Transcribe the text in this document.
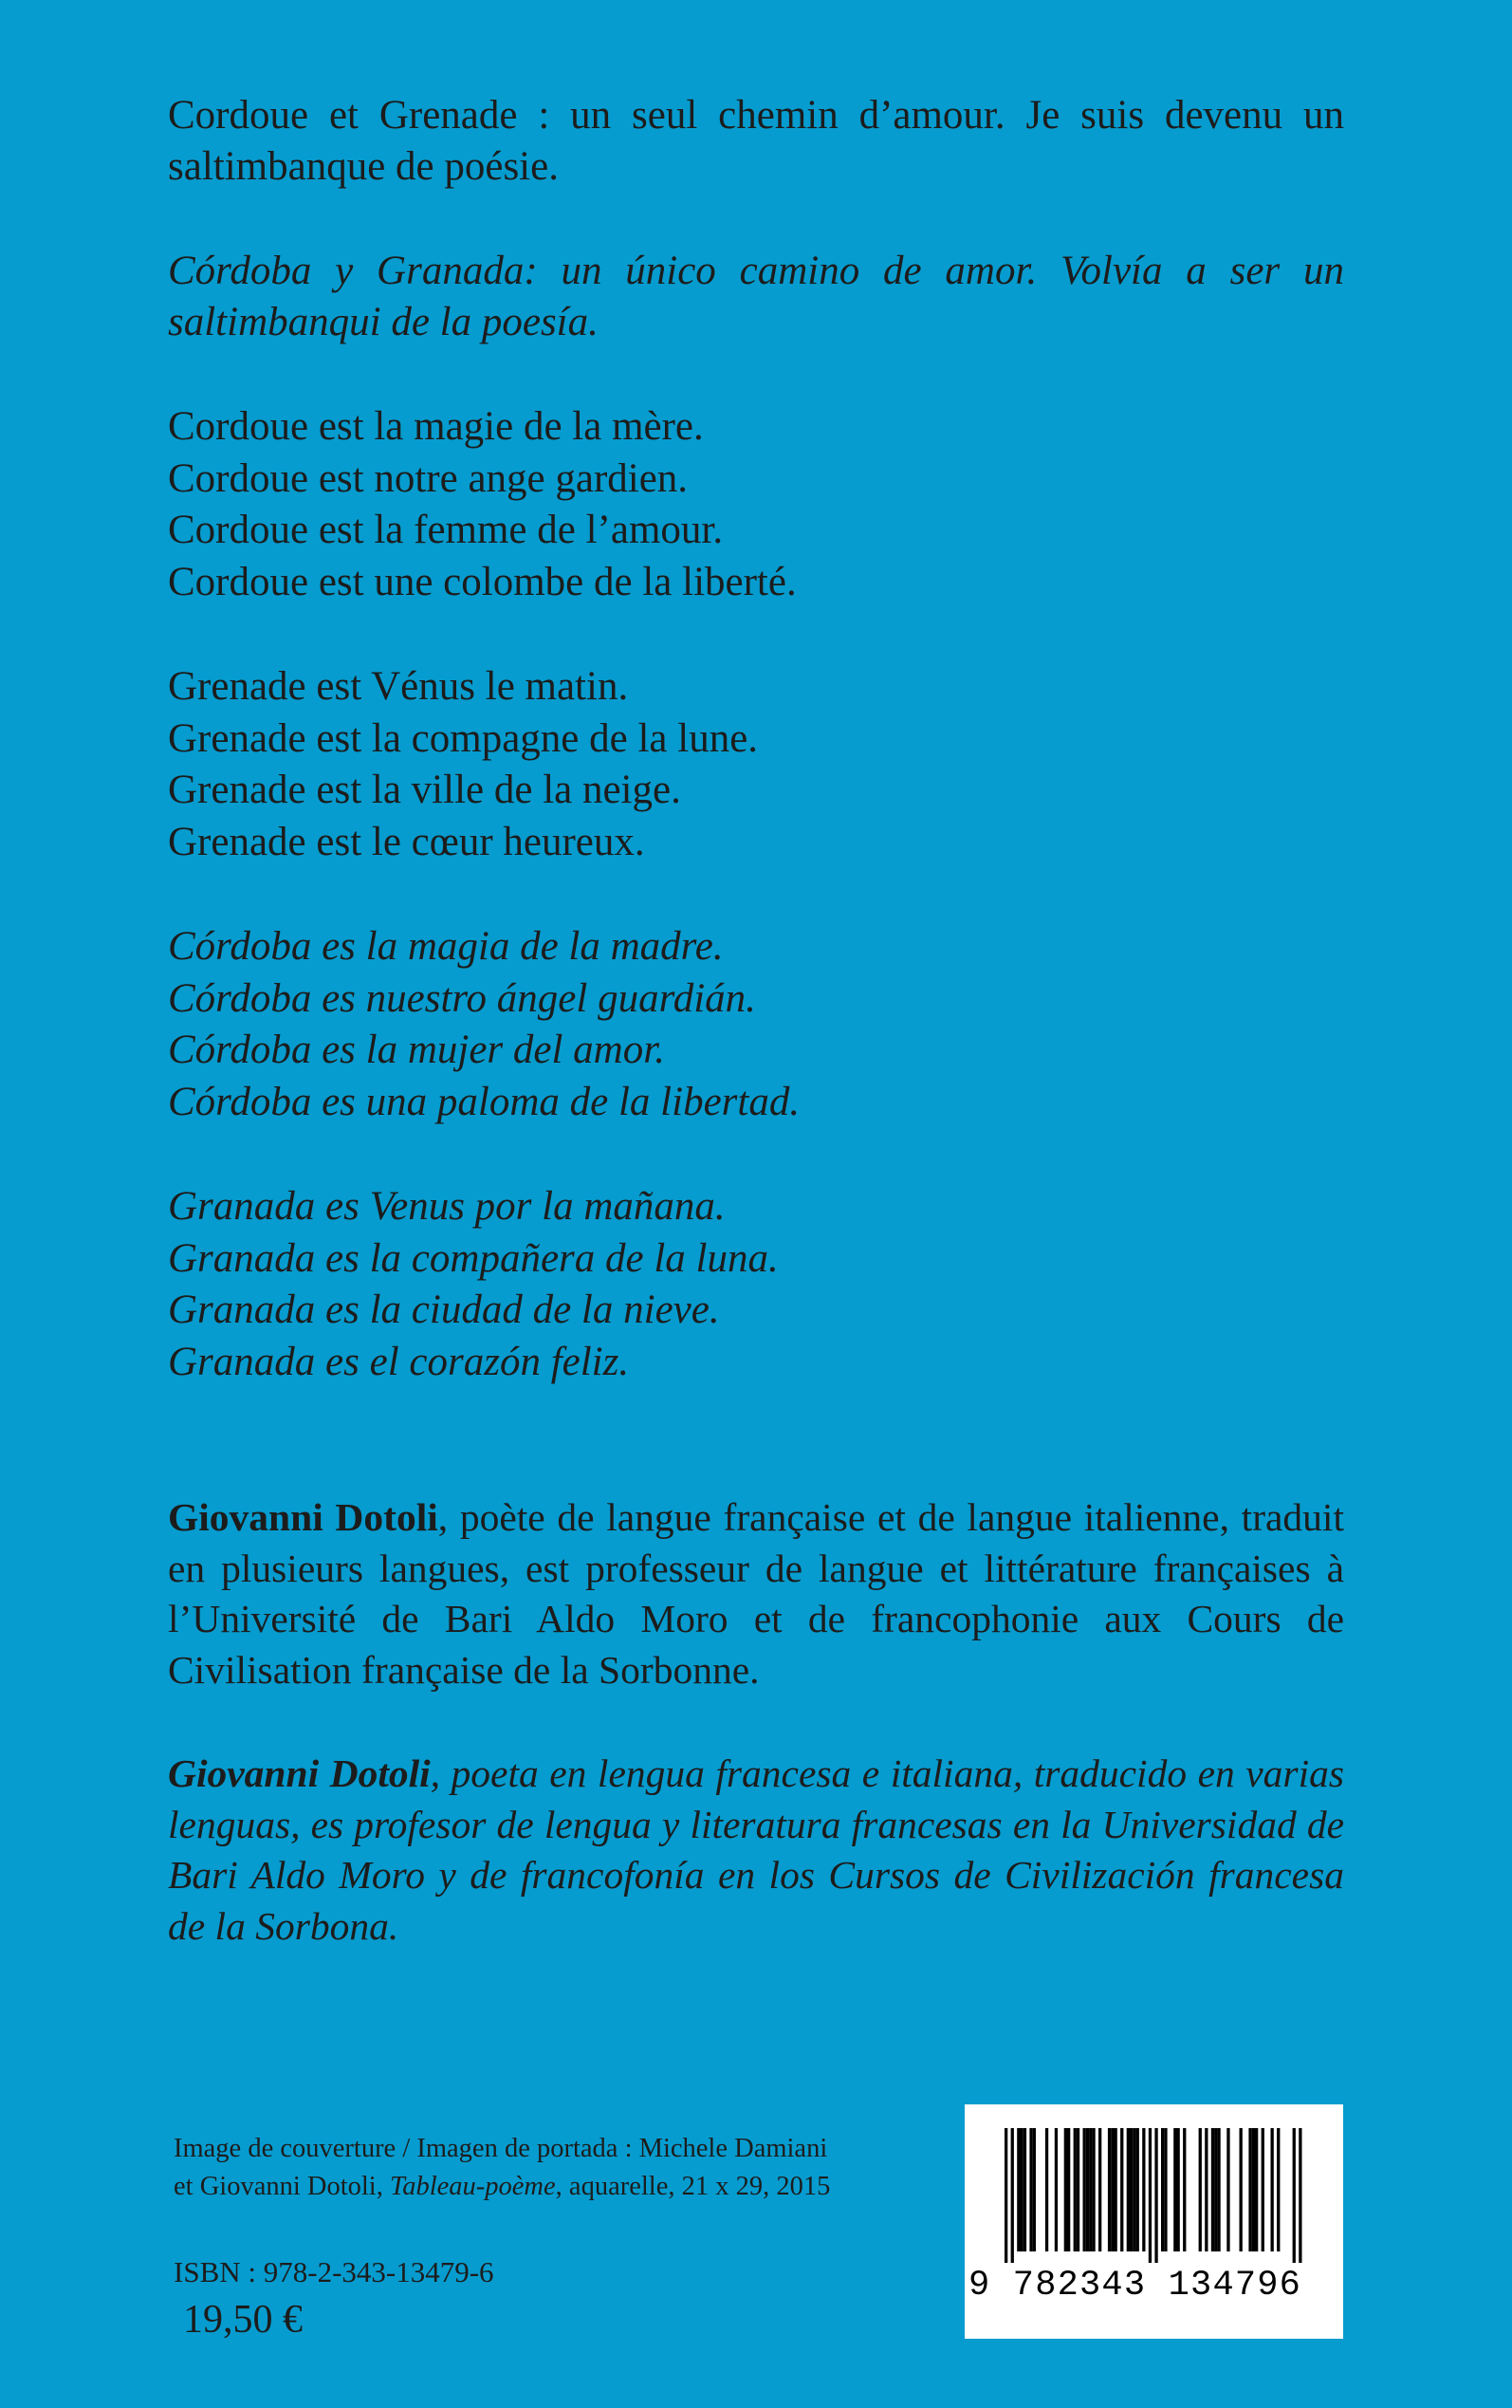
Cordoue et Grenade : un seul chemin d’amour. Je suis devenu un saltimbanque de poésie.

Córdoba y Granada: un único camino de amor. Volvía a ser un saltimbanqui de la poesía.

Cordoue est la magie de la mère.
Cordoue est notre ange gardien.
Cordoue est la femme de l’amour.
Cordoue est une colombe de la liberté.
Grenade est Vénus le matin.
Grenade est la compagne de la lune.
Grenade est la ville de la neige.
Grenade est le cœur heureux.
Córdoba es la magia de la madre.
Córdoba es nuestro ángel guardián.
Córdoba es la mujer del amor.
Córdoba es una paloma de la libertad.
Granada es Venus por la mañana.
Granada es la compañera de la luna.
Granada es la ciudad de la nieve.
Granada es el corazón feliz.

Giovanni Dotoli, poète de langue française et de langue italienne, traduit en plusieurs langues, est professeur de langue et littérature françaises à l’Université de Bari Aldo Moro et de francophonie aux Cours de Civilisation française de la Sorbonne.

Giovanni Dotoli, poeta en lengua francesa e italiana, traducido en varias lenguas, es profesor de lengua y literatura francesas en la Universidad de Bari Aldo Moro y de francofonía en los Cursos de Civilización francesa de la Sorbona.

Image de couverture / Imagen de portada : Michele Damiani

et Giovanni Dotoli, Tableau-poème, aquarelle, 21 x 29, 2015

ISBN : 978-2-343-13479-6
19,50 €
9 782343 134796
